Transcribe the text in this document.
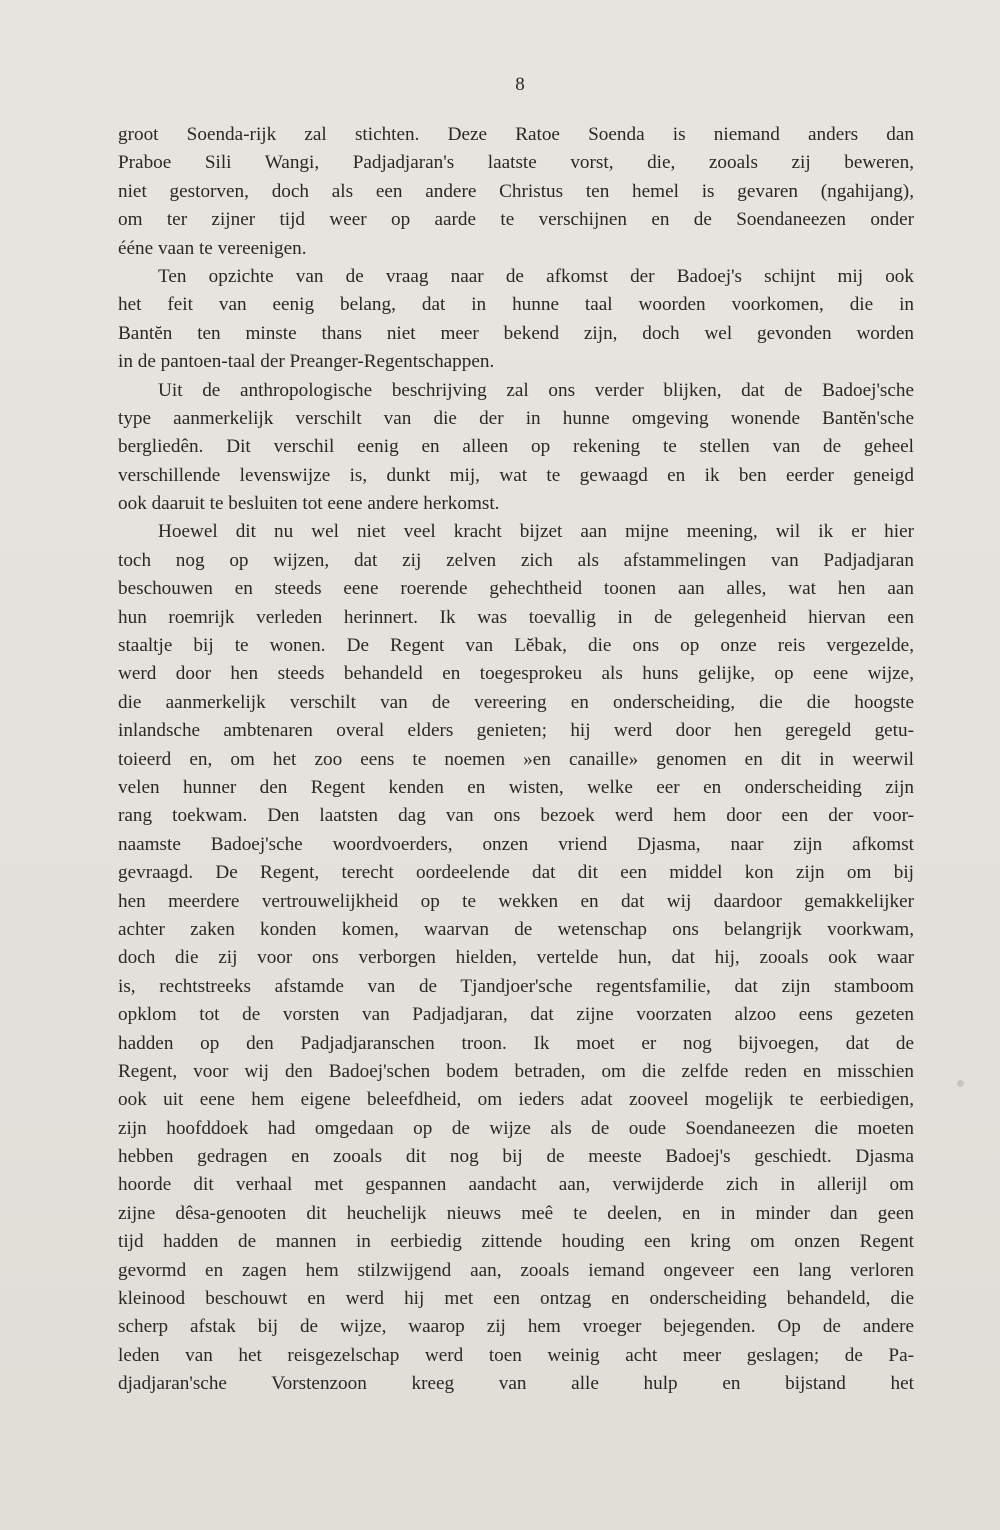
8
groot Soenda-rijk zal stichten. Deze Ratoe Soenda is niemand anders dan
Praboe Sili Wangi, Padjadjaran's laatste vorst, die, zooals zij beweren,
niet gestorven, doch als een andere Christus ten hemel is gevaren (ngahijang),
om ter zijner tijd weer op aarde te verschijnen en de Soendaneezen onder
ééne vaan te vereenigen.
Ten opzichte van de vraag naar de afkomst der Badoej's schijnt mij ook
het feit van eenig belang, dat in hunne taal woorden voorkomen, die in
Bantĕn ten minste thans niet meer bekend zijn, doch wel gevonden worden
in de pantoen-taal der Preanger-Regentschappen.
Uit de anthropologische beschrijving zal ons verder blijken, dat de Badoej'sche
type aanmerkelijk verschilt van die der in hunne omgeving wonende Bantĕn'sche
bergliedên. Dit verschil eenig en alleen op rekening te stellen van de geheel
verschillende levenswijze is, dunkt mij, wat te gewaagd en ik ben eerder geneigd
ook daaruit te besluiten tot eene andere herkomst.
Hoewel dit nu wel niet veel kracht bijzet aan mijne meening, wil ik er hier
toch nog op wijzen, dat zij zelven zich als afstammelingen van Padjadjaran
beschouwen en steeds eene roerende gehechtheid toonen aan alles, wat hen aan
hun roemrijk verleden herinnert. Ik was toevallig in de gelegenheid hiervan een
staaltje bij te wonen. De Regent van Lĕbak, die ons op onze reis vergezelde,
werd door hen steeds behandeld en toegesprokeu als huns gelijke, op eene wijze,
die aanmerkelijk verschilt van de vereering en onderscheiding, die die hoogste
inlandsche ambtenaren overal elders genieten; hij werd door hen geregeld getu-
toieerd en, om het zoo eens te noemen »en canaille» genomen en dit in weerwil
velen hunner den Regent kenden en wisten, welke eer en onderscheiding zijn
rang toekwam. Den laatsten dag van ons bezoek werd hem door een der voor-
naamste Badoej'sche woordvoerders, onzen vriend Djasma, naar zijn afkomst
gevraagd. De Regent, terecht oordeelende dat dit een middel kon zijn om bij
hen meerdere vertrouwelijkheid op te wekken en dat wij daardoor gemakkelijker
achter zaken konden komen, waarvan de wetenschap ons belangrijk voorkwam,
doch die zij voor ons verborgen hielden, vertelde hun, dat hij, zooals ook waar
is, rechtstreeks afstamde van de Tjandjoer'sche regentsfamilie, dat zijn stamboom
opklom tot de vorsten van Padjadjaran, dat zijne voorzaten alzoo eens gezeten
hadden op den Padjadjaranschen troon. Ik moet er nog bijvoegen, dat de
Regent, voor wij den Badoej'schen bodem betraden, om die zelfde reden en misschien
ook uit eene hem eigene beleefdheid, om ieders adat zooveel mogelijk te eerbiedigen,
zijn hoofddoek had omgedaan op de wijze als de oude Soendaneezen die moeten
hebben gedragen en zooals dit nog bij de meeste Badoej's geschiedt. Djasma
hoorde dit verhaal met gespannen aandacht aan, verwijderde zich in allerijl om
zijne dêsa-genooten dit heuchelijk nieuws meê te deelen, en in minder dan geen
tijd hadden de mannen in eerbiedig zittende houding een kring om onzen Regent
gevormd en zagen hem stilzwijgend aan, zooals iemand ongeveer een lang verloren
kleinood beschouwt en werd hij met een ontzag en onderscheiding behandeld, die
scherp afstak bij de wijze, waarop zij hem vroeger bejegenden. Op de andere
leden van het reisgezelschap werd toen weinig acht meer geslagen; de Pa-
djadjaran'sche Vorstenzoon kreeg van alle hulp en bijstand het
